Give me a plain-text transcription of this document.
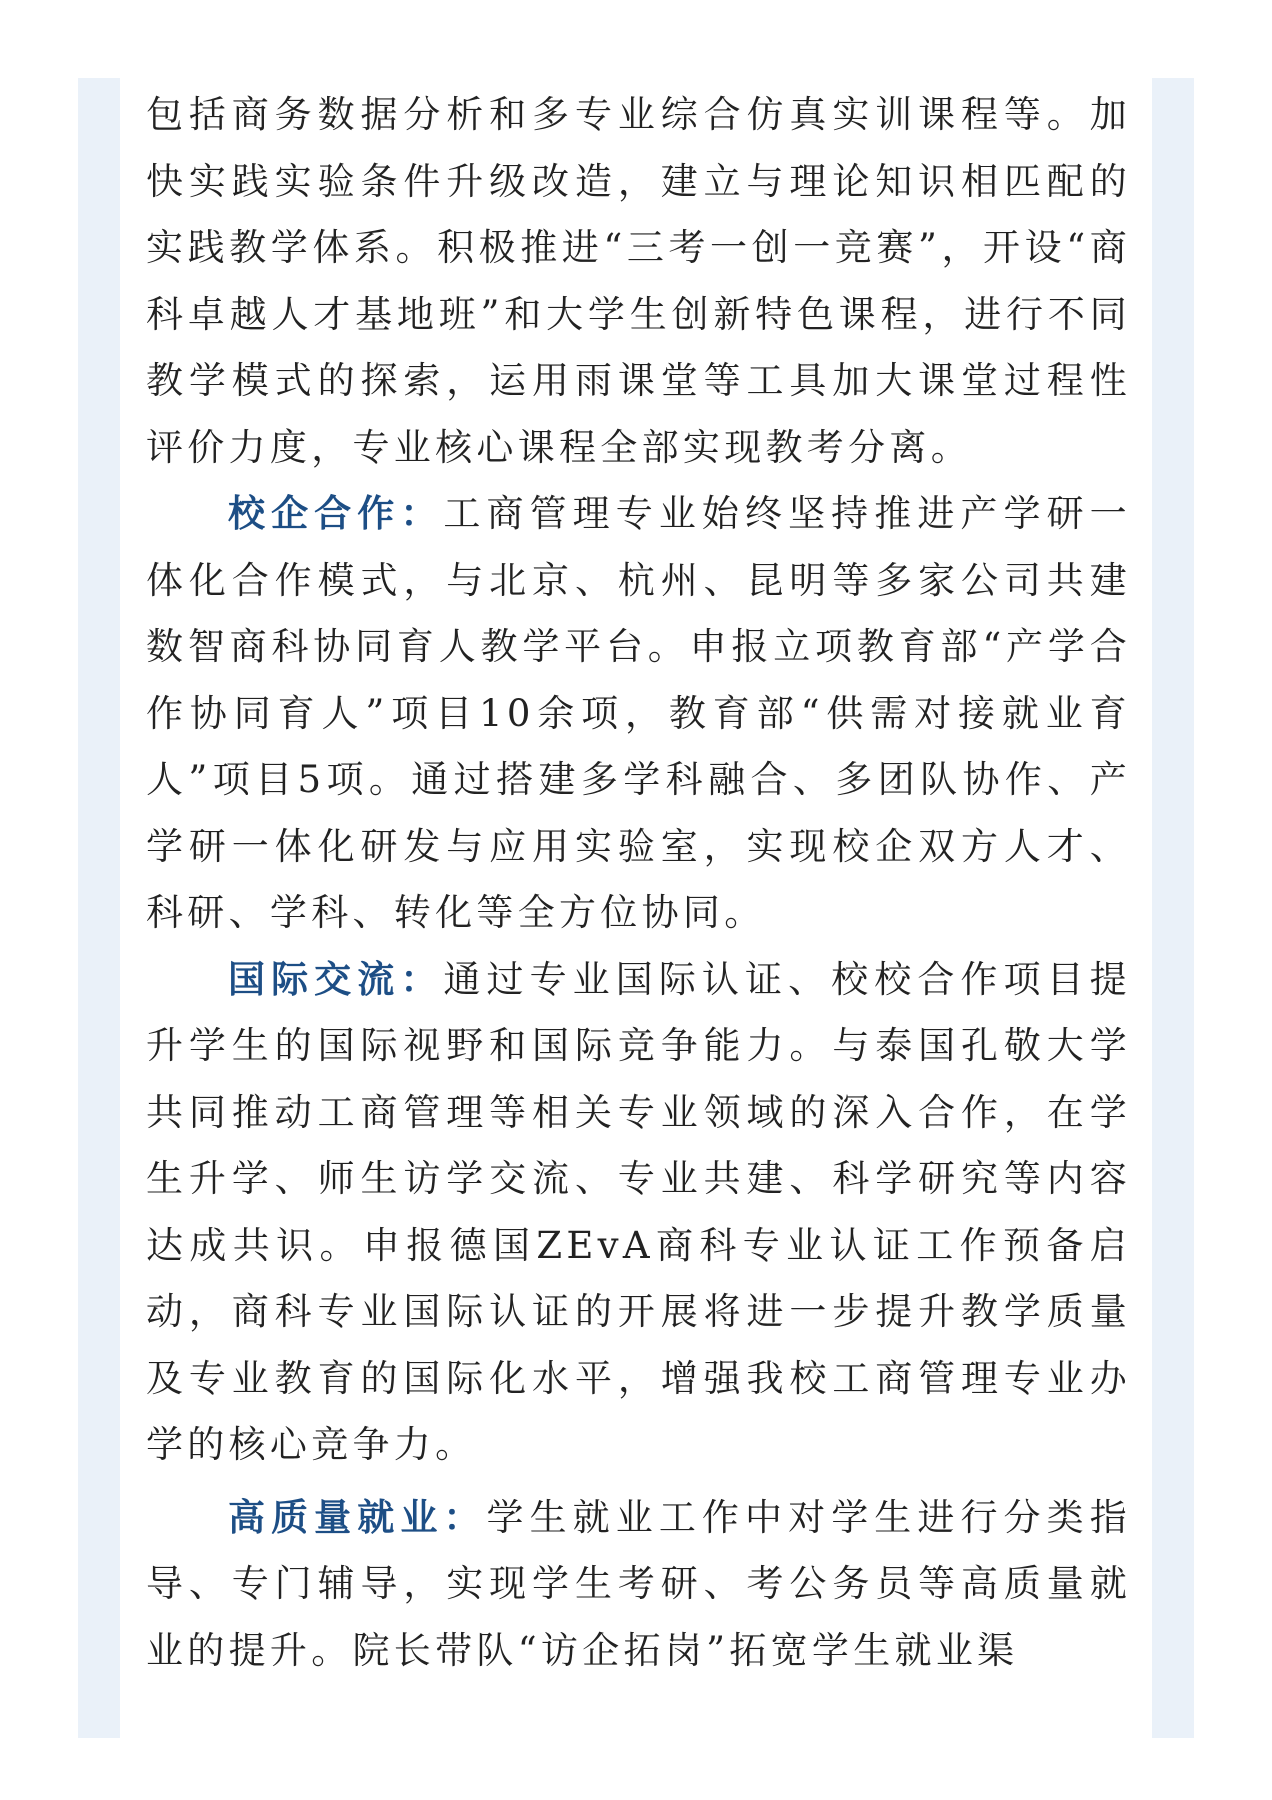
包括商务数据分析和多专业综合仿真实训课程等。加快实践实验条件升级改造，建立与理论知识相匹配的实践教学体系。积极推进“三考一创一竞赛”，开设“商科卓越人才基地班”和大学生创新特色课程，进行不同教学模式的探索，运用雨课堂等工具加大课堂过程性评价力度，专业核心课程全部实现教考分离。

校企合作：工商管理专业始终坚持推进产学研一体化合作模式，与北京、杭州、昆明等多家公司共建数智商科协同育人教学平台。申报立项教育部“产学合作协同育人”项目10余项，教育部“供需对接就业育人”项目5项。通过搭建多学科融合、多团队协作、产学研一体化研发与应用实验室，实现校企双方人才、科研、学科、转化等全方位协同。

国际交流：通过专业国际认证、校校合作项目提升学生的国际视野和国际竞争能力。与泰国孔敬大学共同推动工商管理等相关专业领域的深入合作，在学生升学、师生访学交流、专业共建、科学研究等内容达成共识。申报德国ZEvA商科专业认证工作预备启动，商科专业国际认证的开展将进一步提升教学质量及专业教育的国际化水平，增强我校工商管理专业办学的核心竞争力。

高质量就业：学生就业工作中对学生进行分类指导、专门辅导，实现学生考研、考公务员等高质量就业的提升。院长带队“访企拓岗”拓宽学生就业渠
